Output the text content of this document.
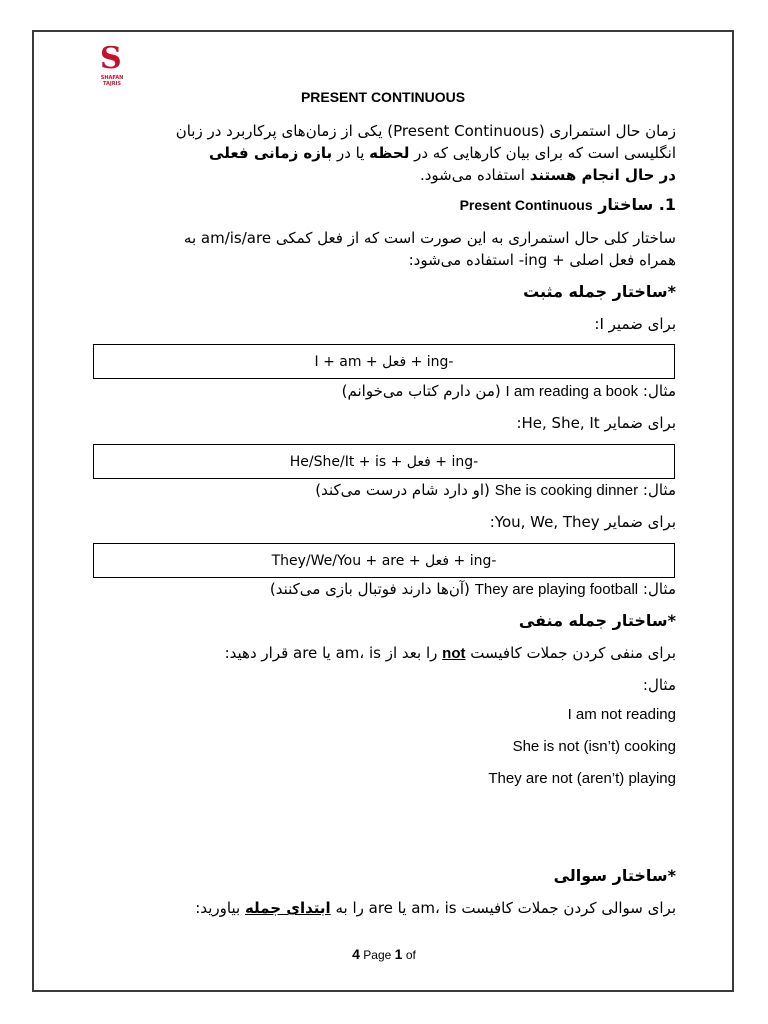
S
SHAFAN TAJRIS
PRESENT CONTINUOUS
زمان حال استمراری (Present Continuous) یکی از زمان‌های پرکاربرد در زبان
انگلیسی است که برای بیان کارهایی که در لحظه یا در بازه زمانی فعلی
در حال انجام هستند استفاده می‌شود.
1. ساختار Present Continuous
ساختار کلی حال استمراری به این صورت است که از فعل کمکی am/is/are به
همراه فعل اصلی + ing- استفاده می‌شود:
*ساختار جمله مثبت
برای ضمیر I:
I + am + فعل + ing-
مثال: I am reading a book (من دارم کتاب می‌خوانم)
برای ضمایر He, She, It:
He/She/It + is + فعل + ing-
مثال: She is cooking dinner (او دارد شام درست می‌کند)
برای ضمایر You, We, They:
They/We/You + are + فعل + ing-
مثال: They are playing football (آن‌ها دارند فوتبال بازی می‌کنند)
*ساختار جمله منفی
برای منفی کردن جملات کافیست not را بعد از am، is یا are قرار دهید:
مثال:
I am not reading
She is not (isn’t) cooking
They are not (aren’t) playing
*ساختار سوالی
برای سوالی کردن جملات کافیست am، is یا are را به ابتدای جمله بیاورید:
4 Page 1 of
